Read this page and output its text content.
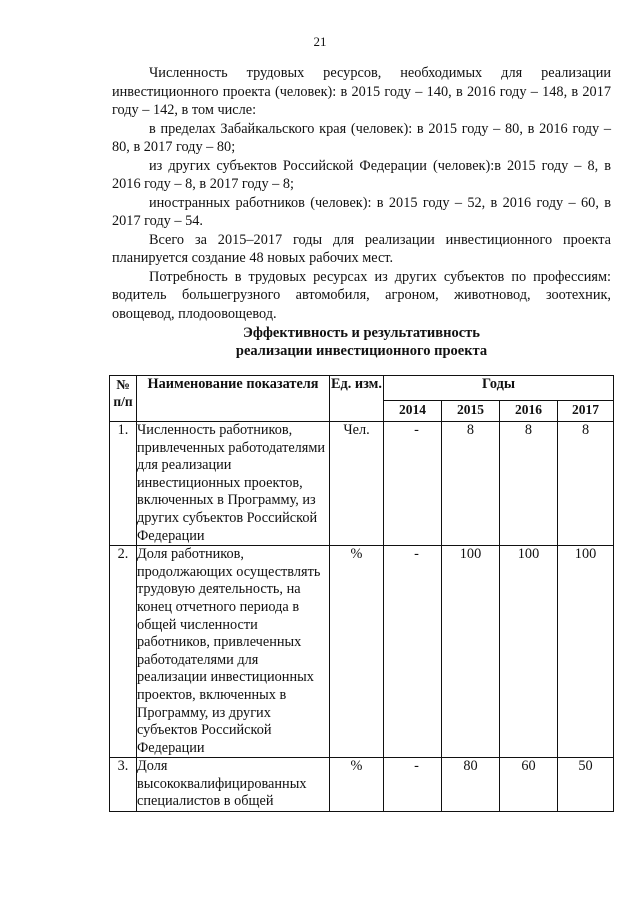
21

Численность трудовых ресурсов, необходимых для реализации инвестиционного проекта (человек): в 2015 году – 140, в 2016 году – 148, в 2017 году – 142, в том числе:

в пределах Забайкальского края (человек): в 2015 году – 80, в 2016 году – 80, в 2017 году – 80;

из других субъектов Российской Федерации (человек):в 2015 году – 8, в 2016 году – 8, в 2017 году – 8;

иностранных работников (человек): в 2015 году – 52, в 2016 году – 60, в 2017 году – 54.

Всего за 2015–2017 годы для реализации инвестиционного проекта планируется создание 48 новых рабочих мест.

Потребность в трудовых ресурсах из других субъектов по профессиям: водитель большегрузного автомобиля, агроном, животновод, зоотехник, овощевод, плодоовощевод.

Эффективность и результативность
реализации инвестиционного проекта
№ п/п	Наименование показателя	Ед. изм.	Годы			
			2014	2015	2016	2017
1.	Численность работников, привлеченных работодателями для реализации инвестиционных проектов, включенных в Программу, из других субъектов Российской Федерации	Чел.	-	8	8	8
2.	Доля работников, продолжающих осуществлять трудовую деятельность, на конец отчетного периода в общей численности работников, привлеченных работодателями для реализации инвестиционных проектов, включенных в Программу, из других субъектов Российской Федерации	%	-	100	100	100
3.	Доля высококвалифицированных специалистов в общей	%	-	80	60	50
